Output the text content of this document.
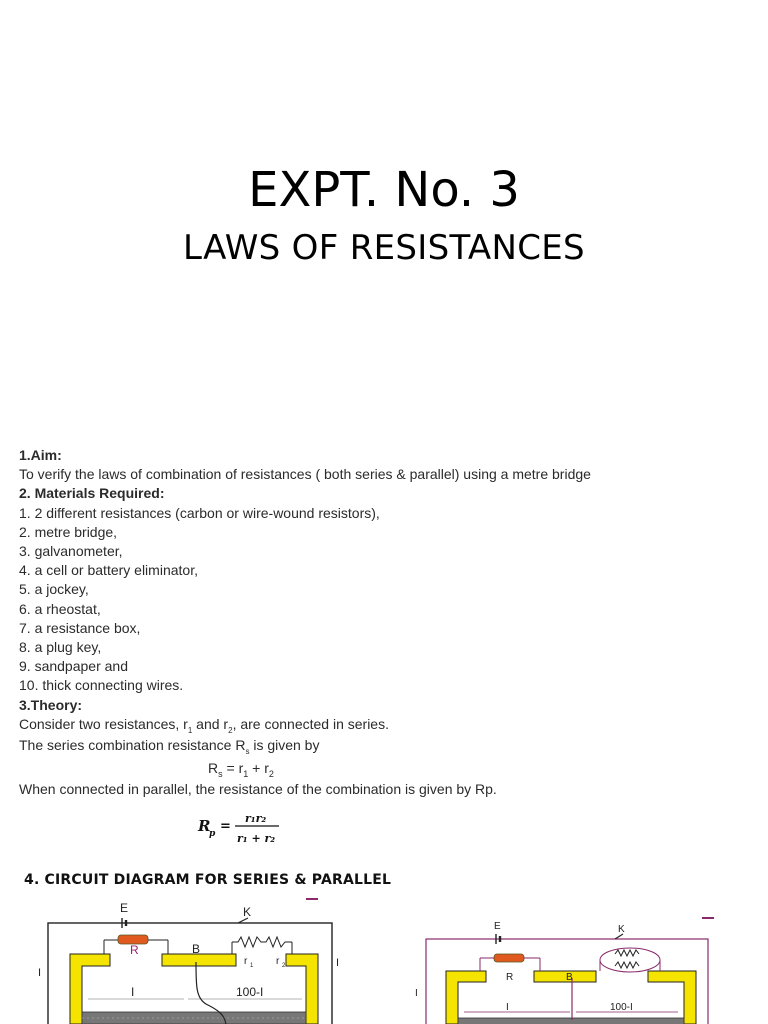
EXPT. No. 3
LAWS OF RESISTANCES
1.Aim:
To verify the laws of combination of resistances ( both series & parallel) using a metre bridge
2. Materials Required:
1. 2 different resistances (carbon or wire-wound resistors),
2. metre bridge,
3. galvanometer,
4. a cell or battery eliminator,
5. a jockey,
6. a rheostat,
7. a resistance box,
8. a plug key,
9. sandpaper and
10. thick connecting wires.
3.Theory:
Consider two resistances, $r_1$ and $r_2$, are connected in series.
The series combination resistance $R_s$ is given by
$R_s = r_1 + r_2$
When connected in parallel, the resistance of the combination is given by Rp.
R
p =
r₁r₂
r₁ + r₂
4. CIRCUIT DIAGRAM FOR SERIES & PARALLEL
E	K
R	B
r 1 r 2
I
I
I	100-I
E	K
R	B
I
I	100-I
